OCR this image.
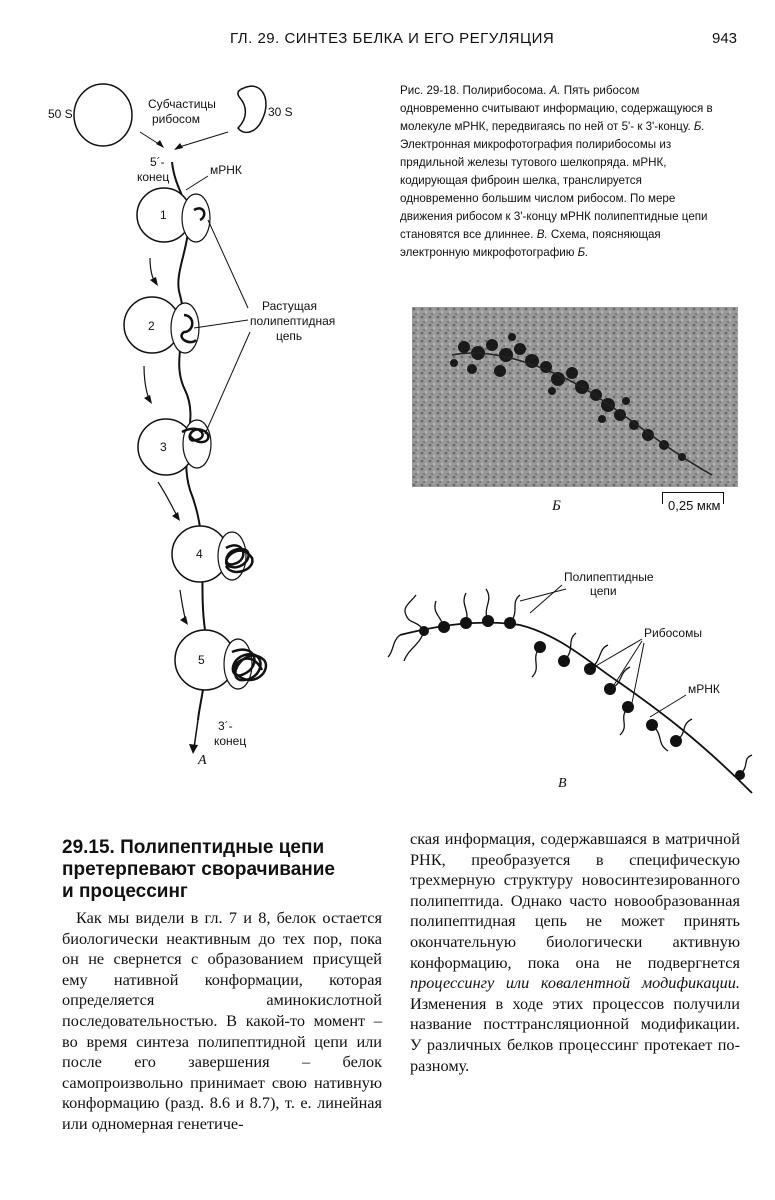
ГЛ. 29. СИНТЕЗ БЕЛКА И ЕГО РЕГУЛЯЦИЯ	943
50 S	30 S
Субчастицы
рибосом
5´-
конец	мРНК
1
2
3
4
5
Растущая
полипептидная
цепь
3´-
конец
А
Рис. 29-18. Полирибосома. А. Пять рибосом одновременно считывают информацию, содержащуюся в молекуле мРНК, передвигаясь по ней от 5'- к 3'-концу. Б. Электронная микрофотография полирибосомы из прядильной железы тутового шелкопряда. мРНК, кодирующая фиброин шелка, транслируется одновременно большим числом рибосом. По мере движения рибосом к 3'-концу мРНК полипептидные цепи становятся все длиннее. В. Схема, поясняющая электронную микрофотографию Б.
0,25 мкм
Б
Полипептидные
цепи
Рибосомы
мРНК
В
29.15. Полипептидные цепи
претерпевают сворачивание
и процессинг
Как мы видели в гл. 7 и 8, белок остается биологически неактивным до тех пор, пока он не свернется с образованием присущей ему нативной конформации, которая определяется аминокислотной последовательностью. В какой-то момент – во время синтеза полипептидной цепи или после его завершения – белок самопроизвольно принимает свою нативную конформацию (разд. 8.6 и 8.7), т. е. линейная или одномерная генетиче-
ская информация, содержавшаяся в матричной РНК, преобразуется в специфическую трехмерную структуру новосинтезированного полипептида. Однако часто новообразованная полипептидная цепь не может принять окончательную биологически активную конформацию, пока она не подвергнется процессингу или ковалентной модификации. Изменения в ходе этих процессов получили название посттрансляционной модификации. У различных белков процессинг протекает по-разному.
